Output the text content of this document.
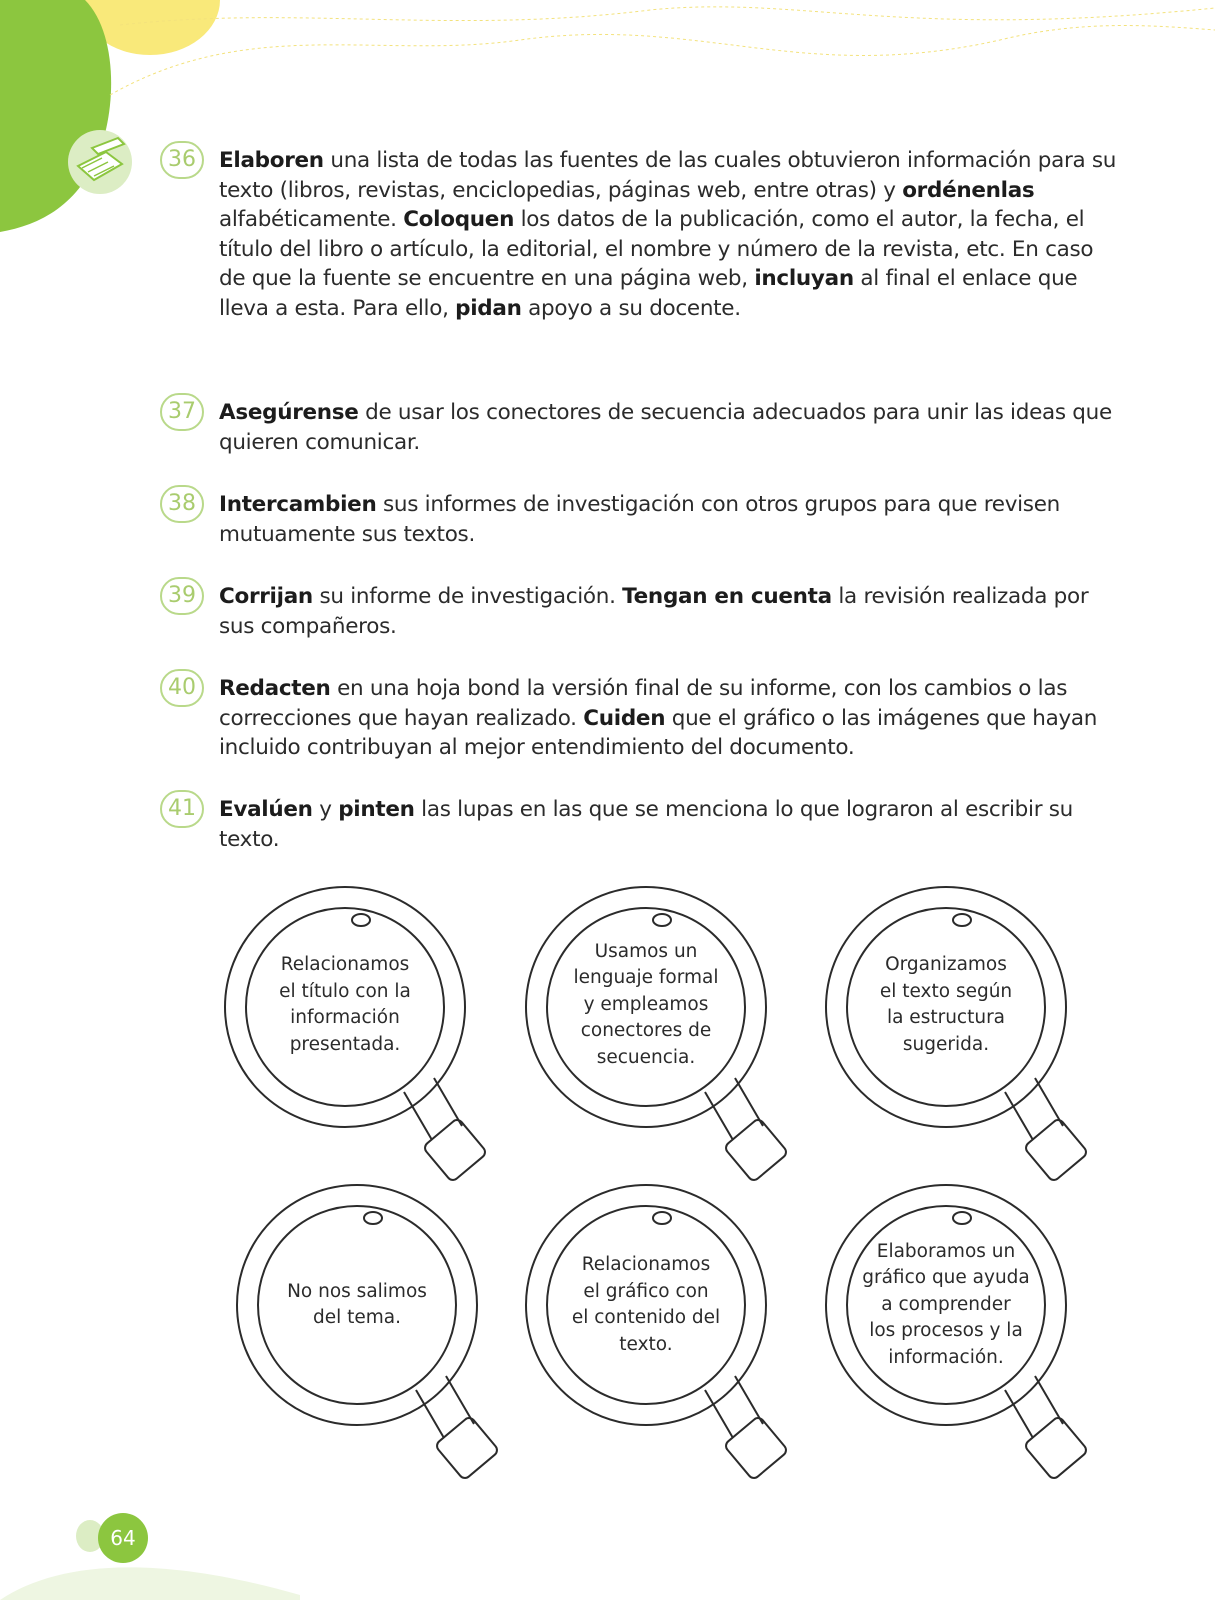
36	Elaboren una lista de todas las fuentes de las cuales obtuvieron información para su texto (libros, revistas, enciclopedias, páginas web, entre otras) y ordénenlas alfabéticamente. Coloquen los datos de la publicación, como el autor, la fecha, el título del libro o artículo, la editorial, el nombre y número de la revista, etc. En caso de que la fuente se encuentre en una página web, incluyan al final el enlace que lleva a esta. Para ello, pidan apoyo a su docente.
37	Asegúrense de usar los conectores de secuencia adecuados para unir las ideas que quieren comunicar.
38	Intercambien sus informes de investigación con otros grupos para que revisen mutuamente sus textos.
39	Corrijan su informe de investigación. Tengan en cuenta la revisión realizada por sus compañeros.
40	Redacten en una hoja bond la versión final de su informe, con los cambios o las correcciones que hayan realizado. Cuiden que el gráfico o las imágenes que hayan incluido contribuyan al mejor entendimiento del documento.
41	Evalúen y pinten las lupas en las que se menciona lo que lograron al escribir su texto.
Relacionamos
el título con la
información
presentada.
Usamos un
lenguaje formal
y empleamos
conectores de
secuencia.
Organizamos
el texto según
la estructura
sugerida.
No nos salimos
del tema.
Relacionamos
el gráfico con
el contenido del
texto.
Elaboramos un
gráfico que ayuda
a comprender
los procesos y la
información.
64
